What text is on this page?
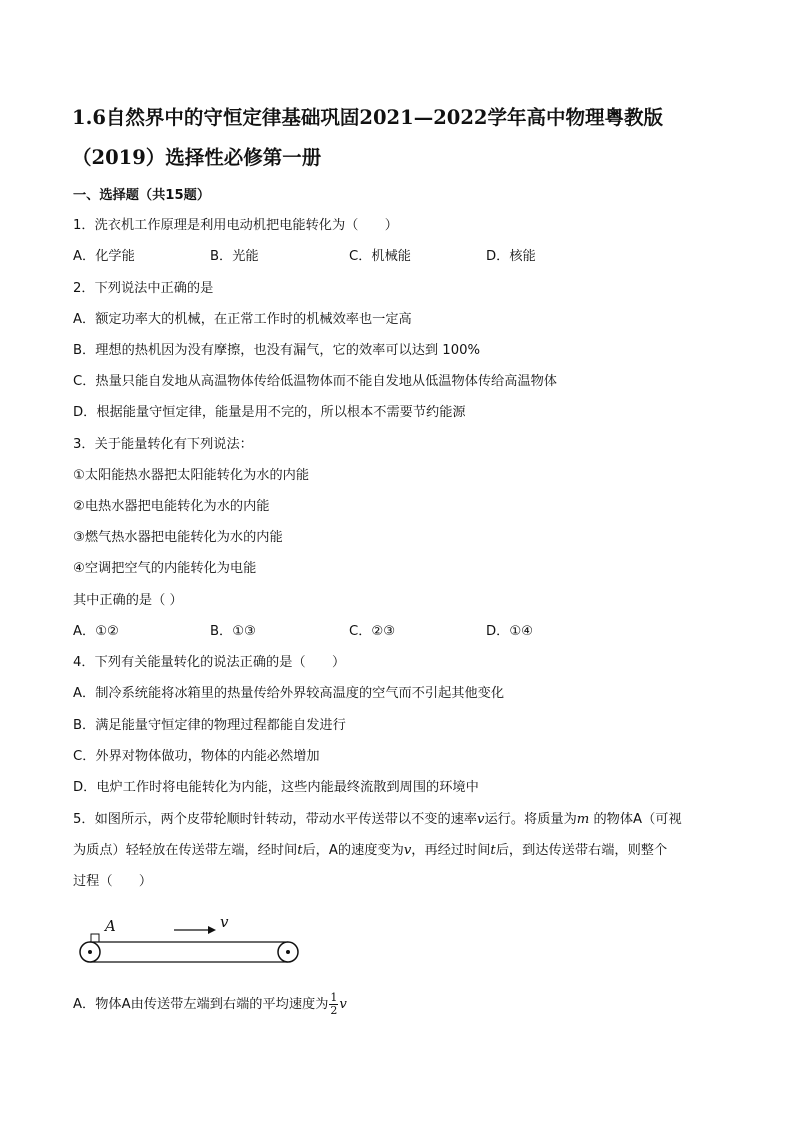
1.6自然界中的守恒定律基础巩固2021—2022学年高中物理粤教版
（2019）选择性必修第一册
一、选择题（共15题）
1．洗衣机工作原理是利用电动机把电能转化为（　　）
A．化学能	B．光能	C．机械能	D．核能
2．下列说法中正确的是
A．额定功率大的机械，在正常工作时的机械效率也一定高
B．理想的热机因为没有摩擦，也没有漏气，它的效率可以达到 100%
C．热量只能自发地从高温物体传给低温物体而不能自发地从低温物体传给高温物体
D．根据能量守恒定律，能量是用不完的，所以根本不需要节约能源
3．关于能量转化有下列说法：
①太阳能热水器把太阳能转化为水的内能
②电热水器把电能转化为水的内能
③燃气热水器把电能转化为水的内能
④空调把空气的内能转化为电能
其中正确的是（ ）
A．①②	B．①③	C．②③	D．①④
4．下列有关能量转化的说法正确的是（　　）
A．制冷系统能将冰箱里的热量传给外界较高温度的空气而不引起其他变化
B．满足能量守恒定律的物理过程都能自发进行
C．外界对物体做功，物体的内能必然增加
D．电炉工作时将电能转化为内能，这些内能最终流散到周围的环境中
5．如图所示，两个皮带轮顺时针转动，带动水平传送带以不变的速率v运行。将质量为m 的物体A（可视
为质点）轻轻放在传送带左端，经时间t后，A的速度变为v，再经过时间t后，到达传送带右端，则整个
过程（　　）
A	v
A．物体A由传送带左端到右端的平均速度为 $\frac{1}{2}$ v
